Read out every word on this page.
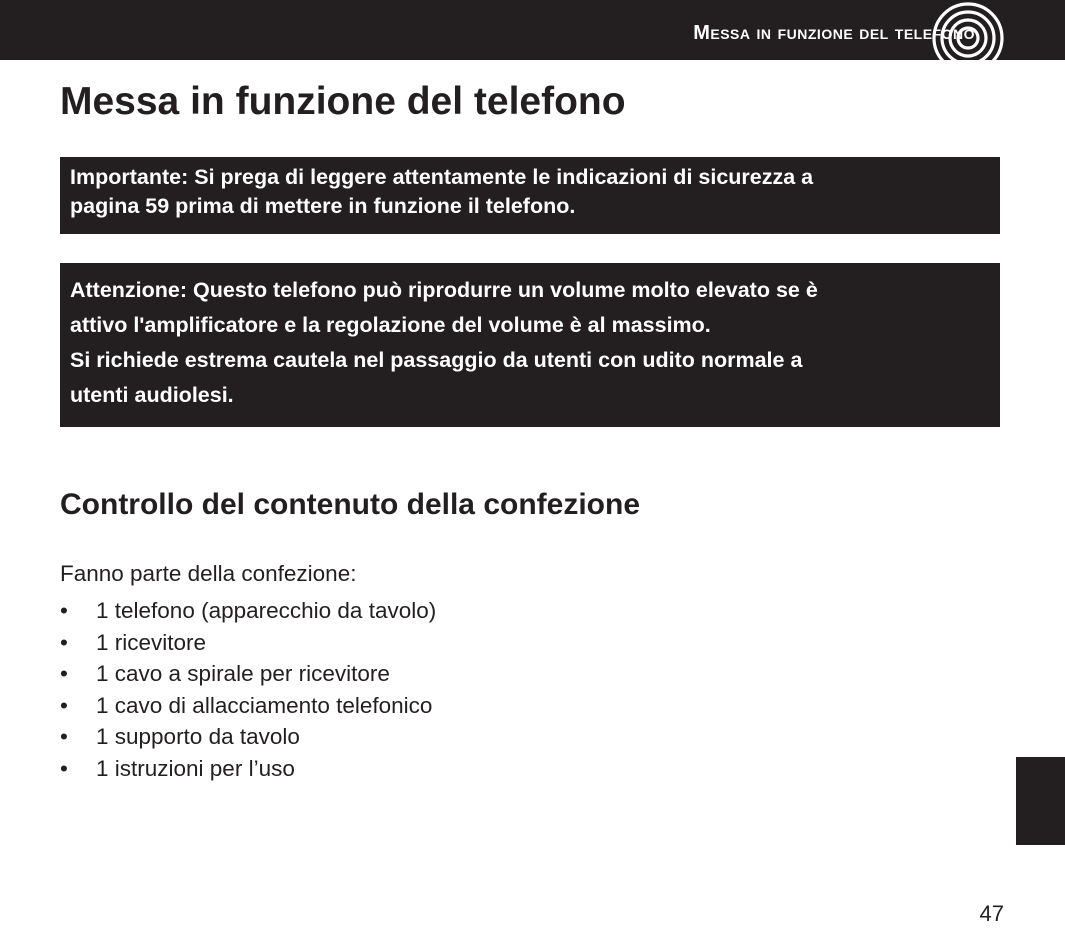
Messa in funzione del telefono
Messa in funzione del telefono

Importante: Si prega di leggere attentamente le indicazioni di sicurezza a

pagina 59 prima di mettere in funzione il telefono.

Attenzione: Questo telefono può riprodurre un volume molto elevato se è

attivo l'amplificatore e la regolazione del volume è al massimo.

Si richiede estrema cautela nel passaggio da utenti con udito normale a

utenti audiolesi.

Controllo del contenuto della confezione

Fanno parte della confezione:

• 1 telefono (apparecchio da tavolo)
• 1 ricevitore
• 1 cavo a spirale per ricevitore
• 1 cavo di allacciamento telefonico
• 1 supporto da tavolo
• 1 istruzioni per l’uso
47
